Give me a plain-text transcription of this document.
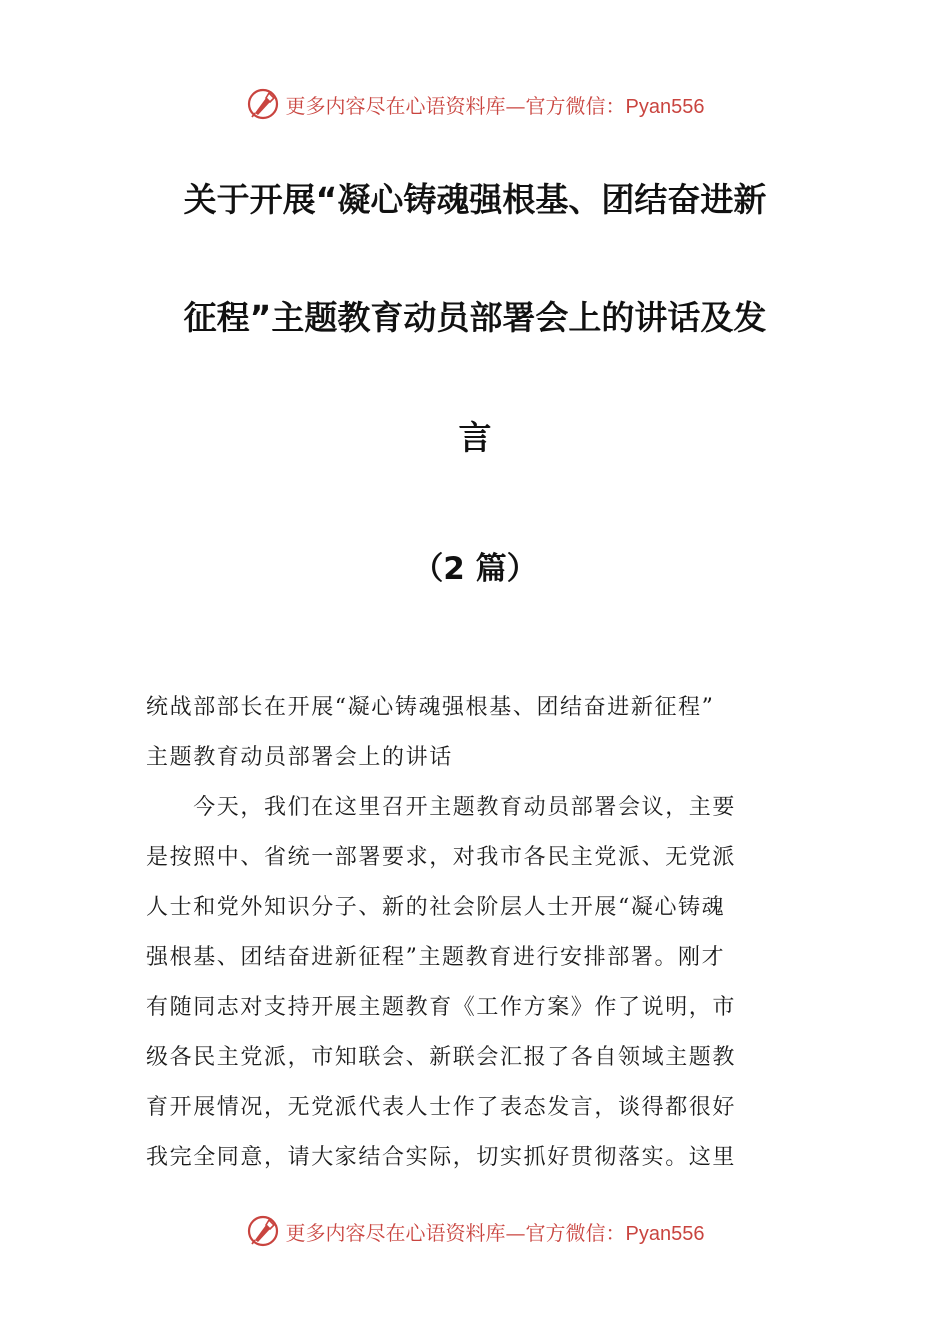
更多内容尽在心语资料库—官方微信：Pyan556
关于开展“凝心铸魂强根基、团结奋进新
征程”主题教育动员部署会上的讲话及发
言
（2 篇）
统战部部长在开展“凝心铸魂强根基、团结奋进新征程”
主题教育动员部署会上的讲话
　　今天，我们在这里召开主题教育动员部署会议，主要
是按照中、省统一部署要求，对我市各民主党派、无党派
人士和党外知识分子、新的社会阶层人士开展“凝心铸魂
强根基、团结奋进新征程”主题教育进行安排部署。刚才
有随同志对支持开展主题教育《工作方案》作了说明，市
级各民主党派，市知联会、新联会汇报了各自领域主题教
育开展情况，无党派代表人士作了表态发言，谈得都很好
我完全同意，请大家结合实际，切实抓好贯彻落实。这里
更多内容尽在心语资料库—官方微信：Pyan556
